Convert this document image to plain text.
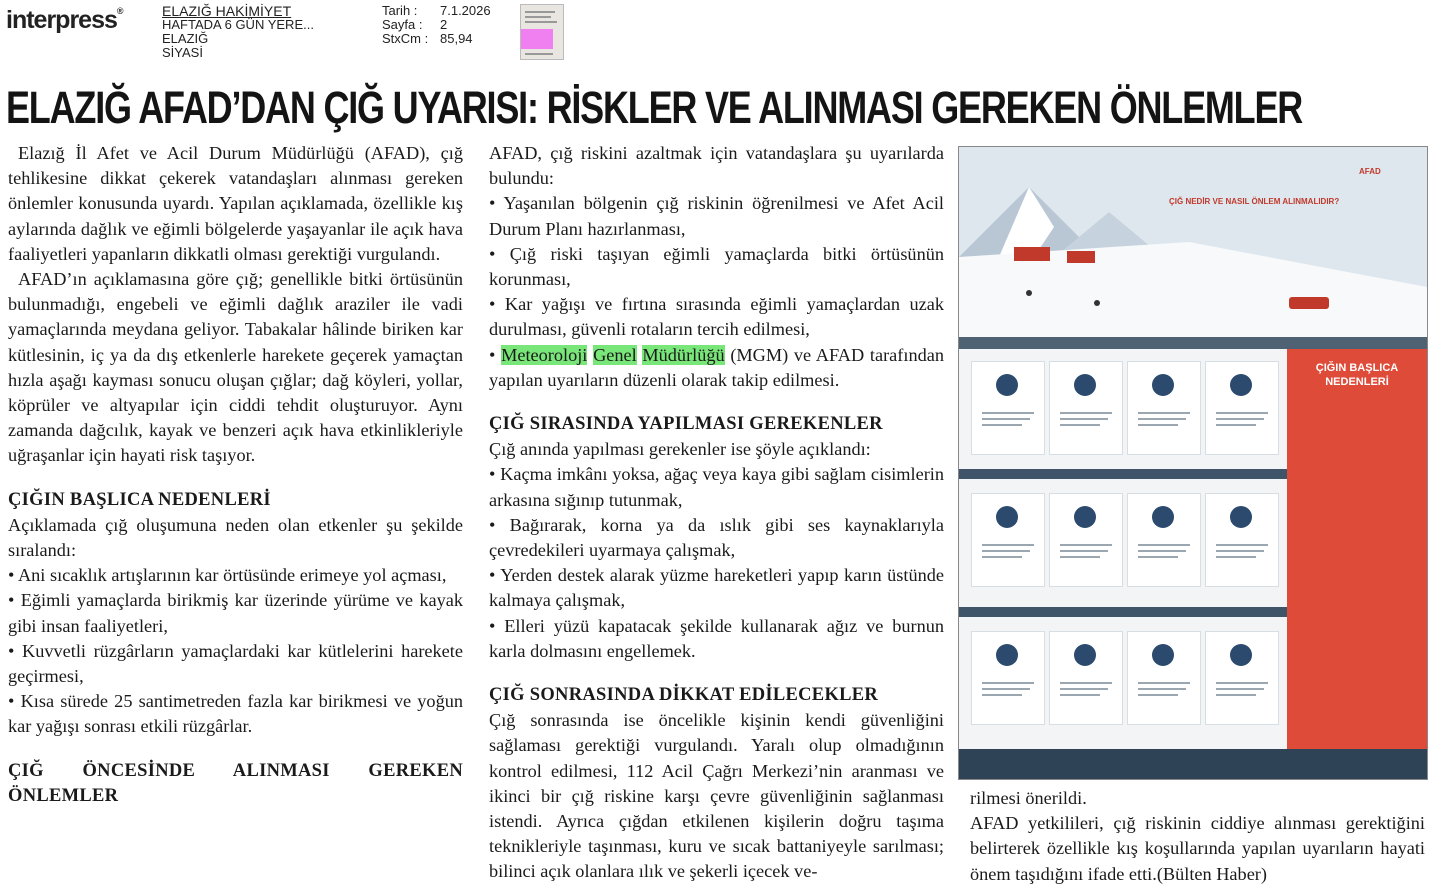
interpress®	ELAZIĞ HAKİMİYET
HAFTADA 6 GÜN YERE...
ELAZIĞ
SİYASİ
Tarih : 7.1.2026
Sayfa : 2
StxCm : 85,94
ELAZIĞ AFAD’DAN ÇIĞ UYARISI: RİSKLER VE ALINMASI GEREKEN ÖNLEMLER

Elazığ İl Afet ve Acil Durum Müdürlüğü (AFAD), çığ tehlikesine dikkat çekerek vatandaşları alınması gereken önlemler konusunda uyardı. Yapılan açıklamada, özellikle kış aylarında dağlık ve eğimli bölgelerde yaşayanlar ile açık hava faaliyetleri yapanların dikkatli olması gerektiği vurgulandı.

AFAD’ın açıklamasına göre çığ; genellikle bitki örtüsünün bulunmadığı, engebeli ve eğimli dağlık araziler ile vadi yamaçlarında meydana geliyor. Tabakalar hâlinde biriken kar kütlesinin, iç ya da dış etkenlerle harekete geçerek yamaçtan hızla aşağı kayması sonucu oluşan çığlar; dağ köyleri, yollar, köprüler ve altyapılar için ciddi tehdit oluşturuyor. Aynı zamanda dağcılık, kayak ve benzeri açık hava etkinlikleriyle uğraşanlar için hayati risk taşıyor.

ÇIĞIN BAŞLICA NEDENLERİ

Açıklamada çığ oluşumuna neden olan etkenler şu şekilde sıralandı:

• Ani sıcaklık artışlarının kar örtüsünde erimeye yol açması,

• Eğimli yamaçlarda birikmiş kar üzerinde yürüme ve kayak gibi insan faaliyetleri,

• Kuvvetli rüzgârların yamaçlardaki kar kütlelerini harekete geçirmesi,

• Kısa sürede 25 santimetreden fazla kar birikmesi ve yoğun kar yağışı sonrası etkili rüzgârlar.

ÇIĞ ÖNCESİNDE ALINMASI GEREKEN ÖNLEMLER

AFAD, çığ riskini azaltmak için vatandaşlara şu uyarılarda bulundu:

• Yaşanılan bölgenin çığ riskinin öğrenilmesi ve Afet Acil Durum Planı hazırlanması,

• Çığ riski taşıyan eğimli yamaçlarda bitki örtüsünün korunması,

• Kar yağışı ve fırtına sırasında eğimli yamaçlardan uzak durulması, güvenli rotaların tercih edilmesi,

• Meteoroloji Genel Müdürlüğü (MGM) ve AFAD tarafından yapılan uyarıların düzenli olarak takip edilmesi.

ÇIĞ SIRASINDA YAPILMASI GEREKENLER

Çığ anında yapılması gerekenler ise şöyle açıklandı:

• Kaçma imkânı yoksa, ağaç veya kaya gibi sağlam cisimlerin arkasına sığınıp tutunmak,

• Bağırarak, korna ya da ıslık gibi ses kaynaklarıyla çevredekileri uyarmaya çalışmak,

• Yerden destek alarak yüzme hareketleri yapıp karın üstünde kalmaya çalışmak,

• Elleri yüzü kapatacak şekilde kullanarak ağız ve burnun karla dolmasını engellemek.

ÇIĞ SONRASINDA DİKKAT EDİLECEKLER

Çığ sonrasında ise öncelikle kişinin kendi güvenliğini sağlaması gerektiği vurgulandı. Yaralı olup olmadığının kontrol edilmesi, 112 Acil Çağrı Merkezi’nin aranması ve ikinci bir çığ riskine karşı çevre güvenliğinin sağlanması istendi. Ayrıca çığdan etkilenen kişilerin doğru taşıma teknikleriyle taşınması, kuru ve sıcak battaniyeyle sarılması; bilinci açık olanlara ılık ve şekerli içecek ve-

AFAD
ÇIĞ NEDİR VE NASIL ÖNLEM ALINMALIDIR?
ÇIĞIN BAŞLICA NEDENLERİ

rilmesi önerildi.

AFAD yetkilileri, çığ riskinin ciddiye alınması gerektiğini belirterek özellikle kış koşullarında yapılan uyarıların hayati önem taşıdığını ifade etti.(Bülten Haber)
